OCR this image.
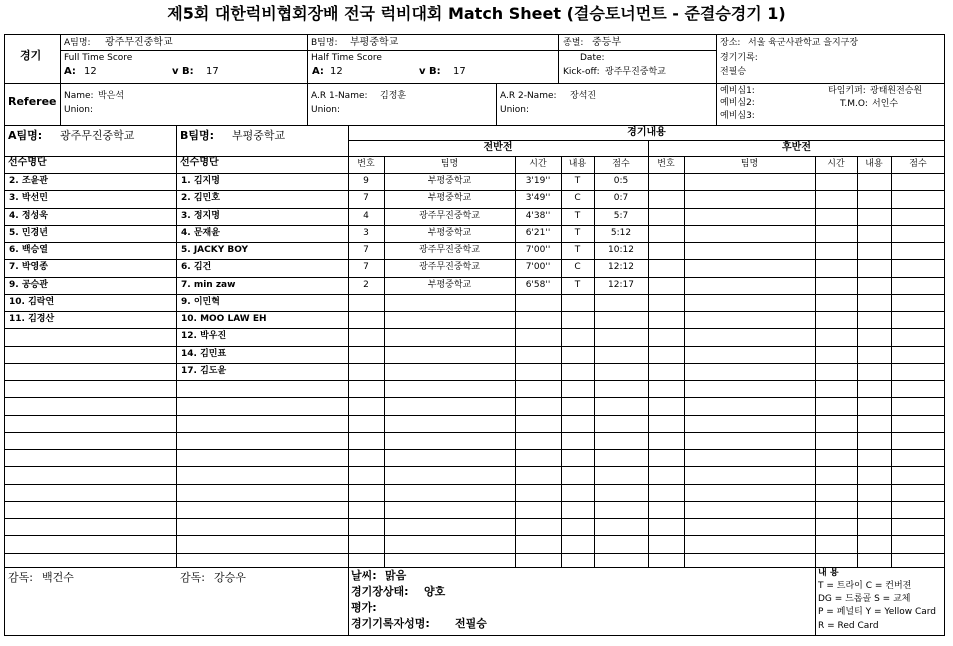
제5회 대한럭비협회장배 전국 럭비대회 Match Sheet (결승토너먼트 - 준결승경기 1)
경기
A팀명: 광주무진중학교	B팀명: 부평중학교	종별: 중등부	장소: 서울 육군사관학교 을지구장
Full Time Score
A: 12	v B: 17
Half Time Score
A: 12	v B: 17
Date:
Kick-off: 광주무진중학교
경기기록:
전필승
Referee Name: 박은석
Union:
A.R 1-Name: 김정훈
Union:
A.R 2-Name: 장석진
Union:
예비심1:
예비심2:
예비심3:
타임키퍼: 광태원전승원
T.M.O: 서인수
A팀명: 광주무진중학교	B팀명: 부평중학교
선수명단	선수명단
경기내용
전반전	후반전
번호	팀명	시간	내용	점수	번호	팀명	시간	내용	점수
2. 조윤관
3. 박선민
4. 정성욱
5. 민경년
6. 백승열
7. 박영종
9. 공승관
10. 김락연
11. 김경산
1. 김지명
2. 김민호
3. 정지명
4. 문재윤
5. JACKY BOY
6. 김건
7. min zaw
9. 이민혁
10. MOO LAW EH
12. 박우진
14. 김민표
17. 김도윤
9	부평중학교	3'19''	T	0:5
7	부평중학교	3'49''	C	0:7
4	광주무진중학교	4'38''	T	5:7
3	부평중학교	6'21''	T	5:12
7	광주무진중학교	7'00''	T	10:12
7	광주무진중학교	7'00''	C	12:12
2	부평중학교	6'58''	T	12:17
감독: 백건수	감독: 강승우	날씨: 맑음
경기장상태: 양호
평가:
경기기록자성명: 전필승
내 용
T = 트라이 C = 컨버젼
DG = 드롭골 S = 교체
P = 페널티 Y = Yellow Card
R = Red Card
